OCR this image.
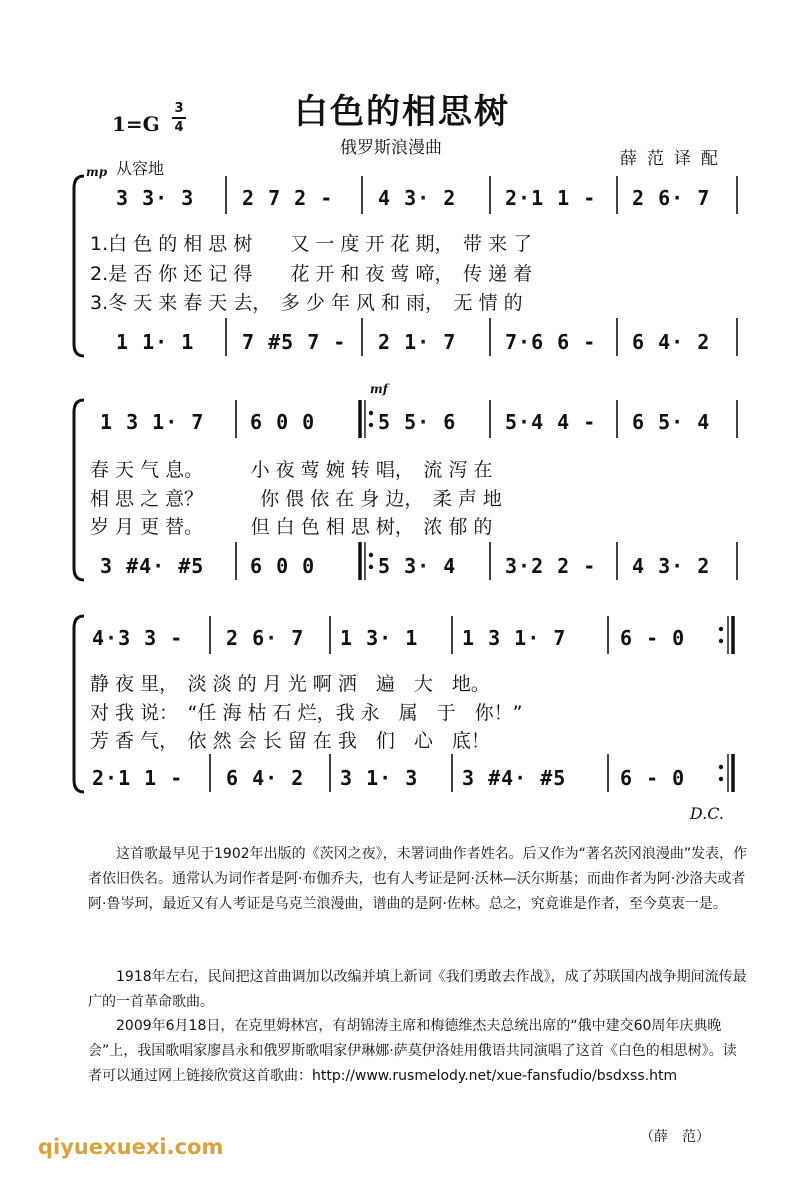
白色的相思树
1=G
3
4
俄罗斯浪漫曲
薛范译配
mp 从容地
mf
3 3· 3 2 7 2 - 4 3· 2 2·1 1 - 2 6· 7
1.白 色 的 相 思 树　　又 一 度 开 花 期，　带 来 了
2.是 否 你 还 记 得　　花 开 和 夜 莺 啼，　传 递 着
3.冬 天 来 春 天 去，　多 少 年 风 和 雨，　无 情 的
1 1· 1 7 #5 7 - 2 1· 7 7·6 6 - 6 4· 2
1 3 1· 7 6 0 0	5 5· 6 5·4 4 - 6 5· 4
春 天 气 息。　　　小 夜 莺 婉 转 唱，　流 泻 在
相 思 之 意？　　　你 偎 依 在 身 边，　柔 声 地
岁 月 更 替。　　　但 白 色 相 思 树，　浓 郁 的
3 #4· #5 6 0 0	5 3· 4 3·2 2 - 4 3· 2
4·3 3 - 2 6· 7 1 3· 1 1 3 1· 7	6 - 0
静 夜 里，　淡 淡 的 月 光 啊 洒　遍　大　地。
对 我 说：　“任 海 枯 石 烂，我 永　属　于　你！”
芳 香 气，　依 然 会 长 留 在 我　们　心　底！
2·1 1 - 6 4· 2 3 1· 3 3 #4· #5	6 - 0
D.C.
这首歌最早见于1902年出版的《茨冈之夜》，未署词曲作者姓名。后又作为“著名茨冈浪漫曲”发表，作者依旧佚名。通常认为词作者是阿·布伽乔夫，也有人考证是阿·沃林—沃尔斯基；而曲作者为阿·沙洛夫或者阿·鲁岑珂，最近又有人考证是乌克兰浪漫曲，谱曲的是阿·佐林。总之，究竟谁是作者，至今莫衷一是。
1918年左右，民间把这首曲调加以改编并填上新词《我们勇敢去作战》，成了苏联国内战争期间流传最广的一首革命歌曲。
2009年6月18日，在克里姆林宫，有胡锦涛主席和梅德维杰夫总统出席的“俄中建交60周年庆典晚会”上，我国歌唱家廖昌永和俄罗斯歌唱家伊琳娜·萨莫伊洛娃用俄语共同演唱了这首《白色的相思树》。读者可以通过网上链接欣赏这首歌曲：http://www.rusmelody.net/xue-fansfudio/bsdxss.htm
（薛　范）
qiyuexuexi.com
